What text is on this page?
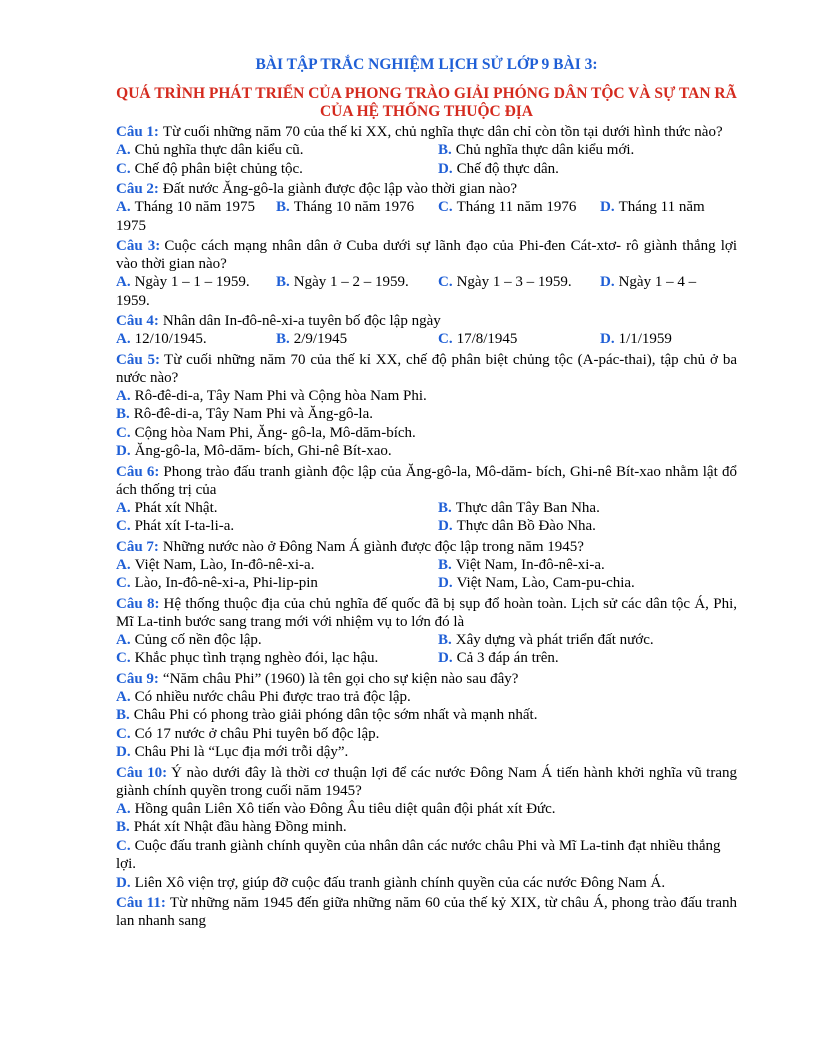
BÀI TẬP TRẮC NGHIỆM LỊCH SỬ LỚP 9 BÀI 3:
QUÁ TRÌNH PHÁT TRIỂN CỦA PHONG TRÀO GIẢI PHÓNG DÂN TỘC VÀ SỰ TAN RÃ
CỦA HỆ THỐNG THUỘC ĐỊA

Câu 1: Từ cuối những năm 70 của thế kỉ XX, chủ nghĩa thực dân chỉ còn tồn tại dưới hình thức nào?

A. Chủ nghĩa thực dân kiểu cũ.	B. Chủ nghĩa thực dân kiểu mới.
C. Chế độ phân biệt chủng tộc.	D. Chế độ thực dân.

Câu 2: Đất nước Ăng-gô-la giành được độc lập vào thời gian nào?

A. Tháng 10 năm 1975	B. Tháng 10 năm 1976	C. Tháng 11 năm 1976	D. Tháng 11 năm
1975

Câu 3: Cuộc cách mạng nhân dân ở Cuba dưới sự lãnh đạo của Phi-đen Cát-xtơ- rô giành thắng lợi vào thời gian nào?

A. Ngày 1 – 1 – 1959.	B. Ngày 1 – 2 – 1959.	C. Ngày 1 – 3 – 1959.	D. Ngày 1 – 4 –
1959.

Câu 4: Nhân dân In-đô-nê-xi-a tuyên bố độc lập ngày

A. 12/10/1945.	B. 2/9/1945	C. 17/8/1945	D. 1/1/1959

Câu 5: Từ cuối những năm 70 của thế kỉ XX, chế độ phân biệt chủng tộc (A-pác-thai), tập chủ ở ba nước nào?

A. Rô-đê-di-a, Tây Nam Phi và Cộng hòa Nam Phi.
B. Rô-đê-di-a, Tây Nam Phi và Ăng-gô-la.
C. Cộng hòa Nam Phi, Ăng- gô-la, Mô-dăm-bích.
D. Ăng-gô-la, Mô-dăm- bích, Ghi-nê Bít-xao.

Câu 6: Phong trào đấu tranh giành độc lập của Ăng-gô-la, Mô-dăm- bích, Ghi-nê Bít-xao nhằm lật đổ ách thống trị của

A. Phát xít Nhật.	B. Thực dân Tây Ban Nha.
C. Phát xít I-ta-li-a.	D. Thực dân Bồ Đào Nha.

Câu 7: Những nước nào ở Đông Nam Á giành được độc lập trong năm 1945?

A. Việt Nam, Lào, In-đô-nê-xi-a.	B. Việt Nam, In-đô-nê-xi-a.
C. Lào, In-đô-nê-xi-a, Phi-lip-pin	D. Việt Nam, Lào, Cam-pu-chia.

Câu 8: Hệ thống thuộc địa của chủ nghĩa đế quốc đã bị sụp đổ hoàn toàn. Lịch sử các dân tộc Á, Phi, Mĩ La-tinh bước sang trang mới với nhiệm vụ to lớn đó là

A. Củng cố nền độc lập.	B. Xây dựng và phát triển đất nước.
C. Khắc phục tình trạng nghèo đói, lạc hậu.	D. Cả 3 đáp án trên.

Câu 9: “Năm châu Phi” (1960) là tên gọi cho sự kiện nào sau đây?

A. Có nhiều nước châu Phi được trao trả độc lập.
B. Châu Phi có phong trào giải phóng dân tộc sớm nhất và mạnh nhất.
C. Có 17 nước ở châu Phi tuyên bố độc lập.
D. Châu Phi là “Lục địa mới trỗi dậy”.

Câu 10: Ý nào dưới đây là thời cơ thuận lợi để các nước Đông Nam Á tiến hành khởi nghĩa vũ trang giành chính quyền trong cuối năm 1945?

A. Hồng quân Liên Xô tiến vào Đông Âu tiêu diệt quân đội phát xít Đức.
B. Phát xít Nhật đầu hàng Đồng minh.
C. Cuộc đấu tranh giành chính quyền của nhân dân các nước châu Phi và Mĩ La-tinh đạt nhiều thắng lợi.
D. Liên Xô viện trợ, giúp đỡ cuộc đấu tranh giành chính quyền của các nước Đông Nam Á.

Câu 11: Từ những năm 1945 đến giữa những năm 60 của thế kỷ XIX, từ châu Á, phong trào đấu tranh lan nhanh sang
